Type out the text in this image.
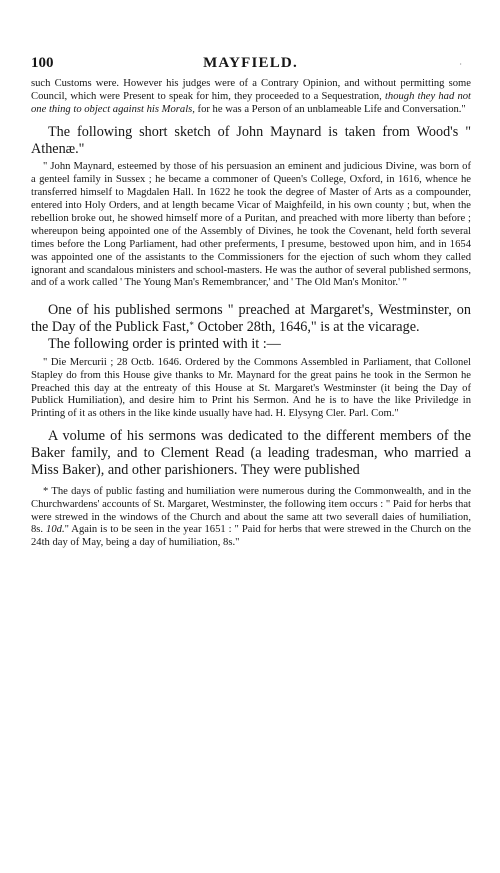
100	MAYFIELD.	·

such Customs were. However his judges were of a Contrary Opinion, and without permitting some Council, which were Present to speak for him, they proceeded to a Sequestration, though they had not one thing to object against his Morals, for he was a Person of an unblameable Life and Conversation."

The following short sketch of John Maynard is taken from Wood's " Athenæ."

" John Maynard, esteemed by those of his persuasion an eminent and judicious Divine, was born of a genteel family in Sussex ; he became a commoner of Queen's College, Oxford, in 1616, whence he transferred himself to Magdalen Hall. In 1622 he took the degree of Master of Arts as a compounder, entered into Holy Orders, and at length became Vicar of Maighfeild, in his own county ; but, when the rebellion broke out, he showed himself more of a Puritan, and preached with more liberty than before ; whereupon being appointed one of the Assembly of Divines, he took the Covenant, held forth several times before the Long Parliament, had other preferments, I presume, bestowed upon him, and in 1654 was appointed one of the assistants to the Commissioners for the ejection of such whom they called ignorant and scandalous ministers and school-masters. He was the author of several published sermons, and of a work called ' The Young Man's Remembrancer,' and ' The Old Man's Monitor.' "

One of his published sermons " preached at Margaret's, Westminster, on the Day of the Publick Fast,* October 28th, 1646," is at the vicarage.

The following order is printed with it :—

" Die Mercurii ; 28 Octb. 1646. Ordered by the Commons Assembled in Parliament, that Collonel Stapley do from this House give thanks to Mr. Maynard for the great pains he took in the Sermon he Preached this day at the entreaty of this House at St. Margaret's Westminster (it being the Day of Publick Humiliation), and desire him to Print his Sermon. And he is to have the like Priviledge in Printing of it as others in the like kinde usually have had. H. Elysyng Cler. Parl. Com."

A volume of his sermons was dedicated to the different members of the Baker family, and to Clement Read (a leading tradesman, who married a Miss Baker), and other parishioners. They were published

* The days of public fasting and humiliation were numerous during the Commonwealth, and in the Churchwardens' accounts of St. Margaret, Westminster, the following item occurs : " Paid for herbs that were strewed in the windows of the Church and about the same att two severall daies of humiliation, 8s. 10d." Again is to be seen in the year 1651 : " Paid for herbs that were strewed in the Church on the 24th day of May, being a day of humiliation, 8s."
